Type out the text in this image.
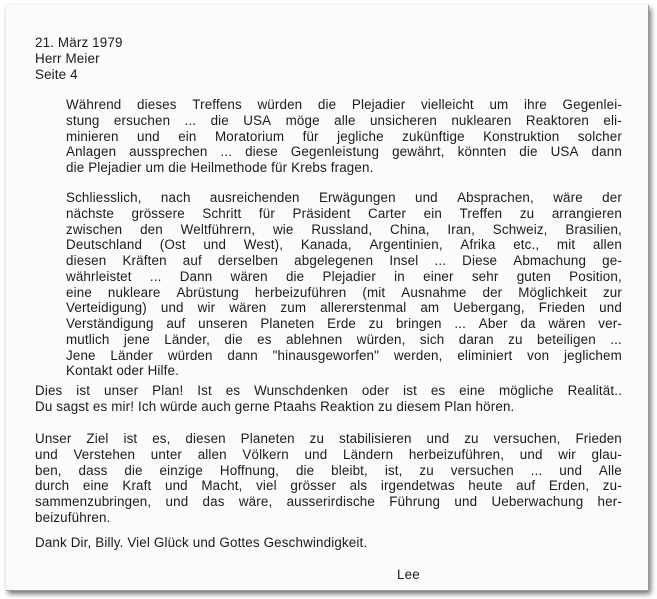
21. März 1979
Herr Meier
Seite 4
Während dieses Treffens würden die Plejadier vielleicht um ihre Gegenlei-
stung ersuchen ... die USA möge alle unsicheren nuklearen Reaktoren eli-
minieren und ein Moratorium für jegliche zukünftige Konstruktion solcher
Anlagen aussprechen ... diese Gegenleistung gewährt, könnten die USA dann
die Plejadier um die Heilmethode für Krebs fragen.
Schliesslich, nach ausreichenden Erwägungen und Absprachen, wäre der
nächste grössere Schritt für Präsident Carter ein Treffen zu arrangieren
zwischen den Weltführern, wie Russland, China, Iran, Schweiz, Brasilien,
Deutschland (Ost und West), Kanada, Argentinien, Afrika etc., mit allen
diesen Kräften auf derselben abgelegenen Insel ... Diese Abmachung ge-
währleistet ... Dann wären die Plejadier in einer sehr guten Position,
eine nukleare Abrüstung herbeizuführen (mit Ausnahme der Möglichkeit zur
Verteidigung) und wir wären zum allererstenmal am Uebergang, Frieden und
Verständigung auf unseren Planeten Erde zu bringen ... Aber da wären ver-
mutlich jene Länder, die es ablehnen würden, sich daran zu beteiligen ...
Jene Länder würden dann "hinausgeworfen" werden, eliminiert von jeglichem
Kontakt oder Hilfe.
Dies ist unser Plan! Ist es Wunschdenken oder ist es eine mögliche Realität..
Du sagst es mir! Ich würde auch gerne Ptaahs Reaktion zu diesem Plan hören.
Unser Ziel ist es, diesen Planeten zu stabilisieren und zu versuchen, Frieden
und Verstehen unter allen Völkern und Ländern herbeizuführen, und wir glau-
ben, dass die einzige Hoffnung, die bleibt, ist, zu versuchen ... und Alle
durch eine Kraft und Macht, viel grösser als irgendetwas heute auf Erden, zu-
sammenzubringen, und das wäre, ausserirdische Führung und Ueberwachung her-
beizuführen.
Dank Dir, Billy. Viel Glück und Gottes Geschwindigkeit.
Lee
